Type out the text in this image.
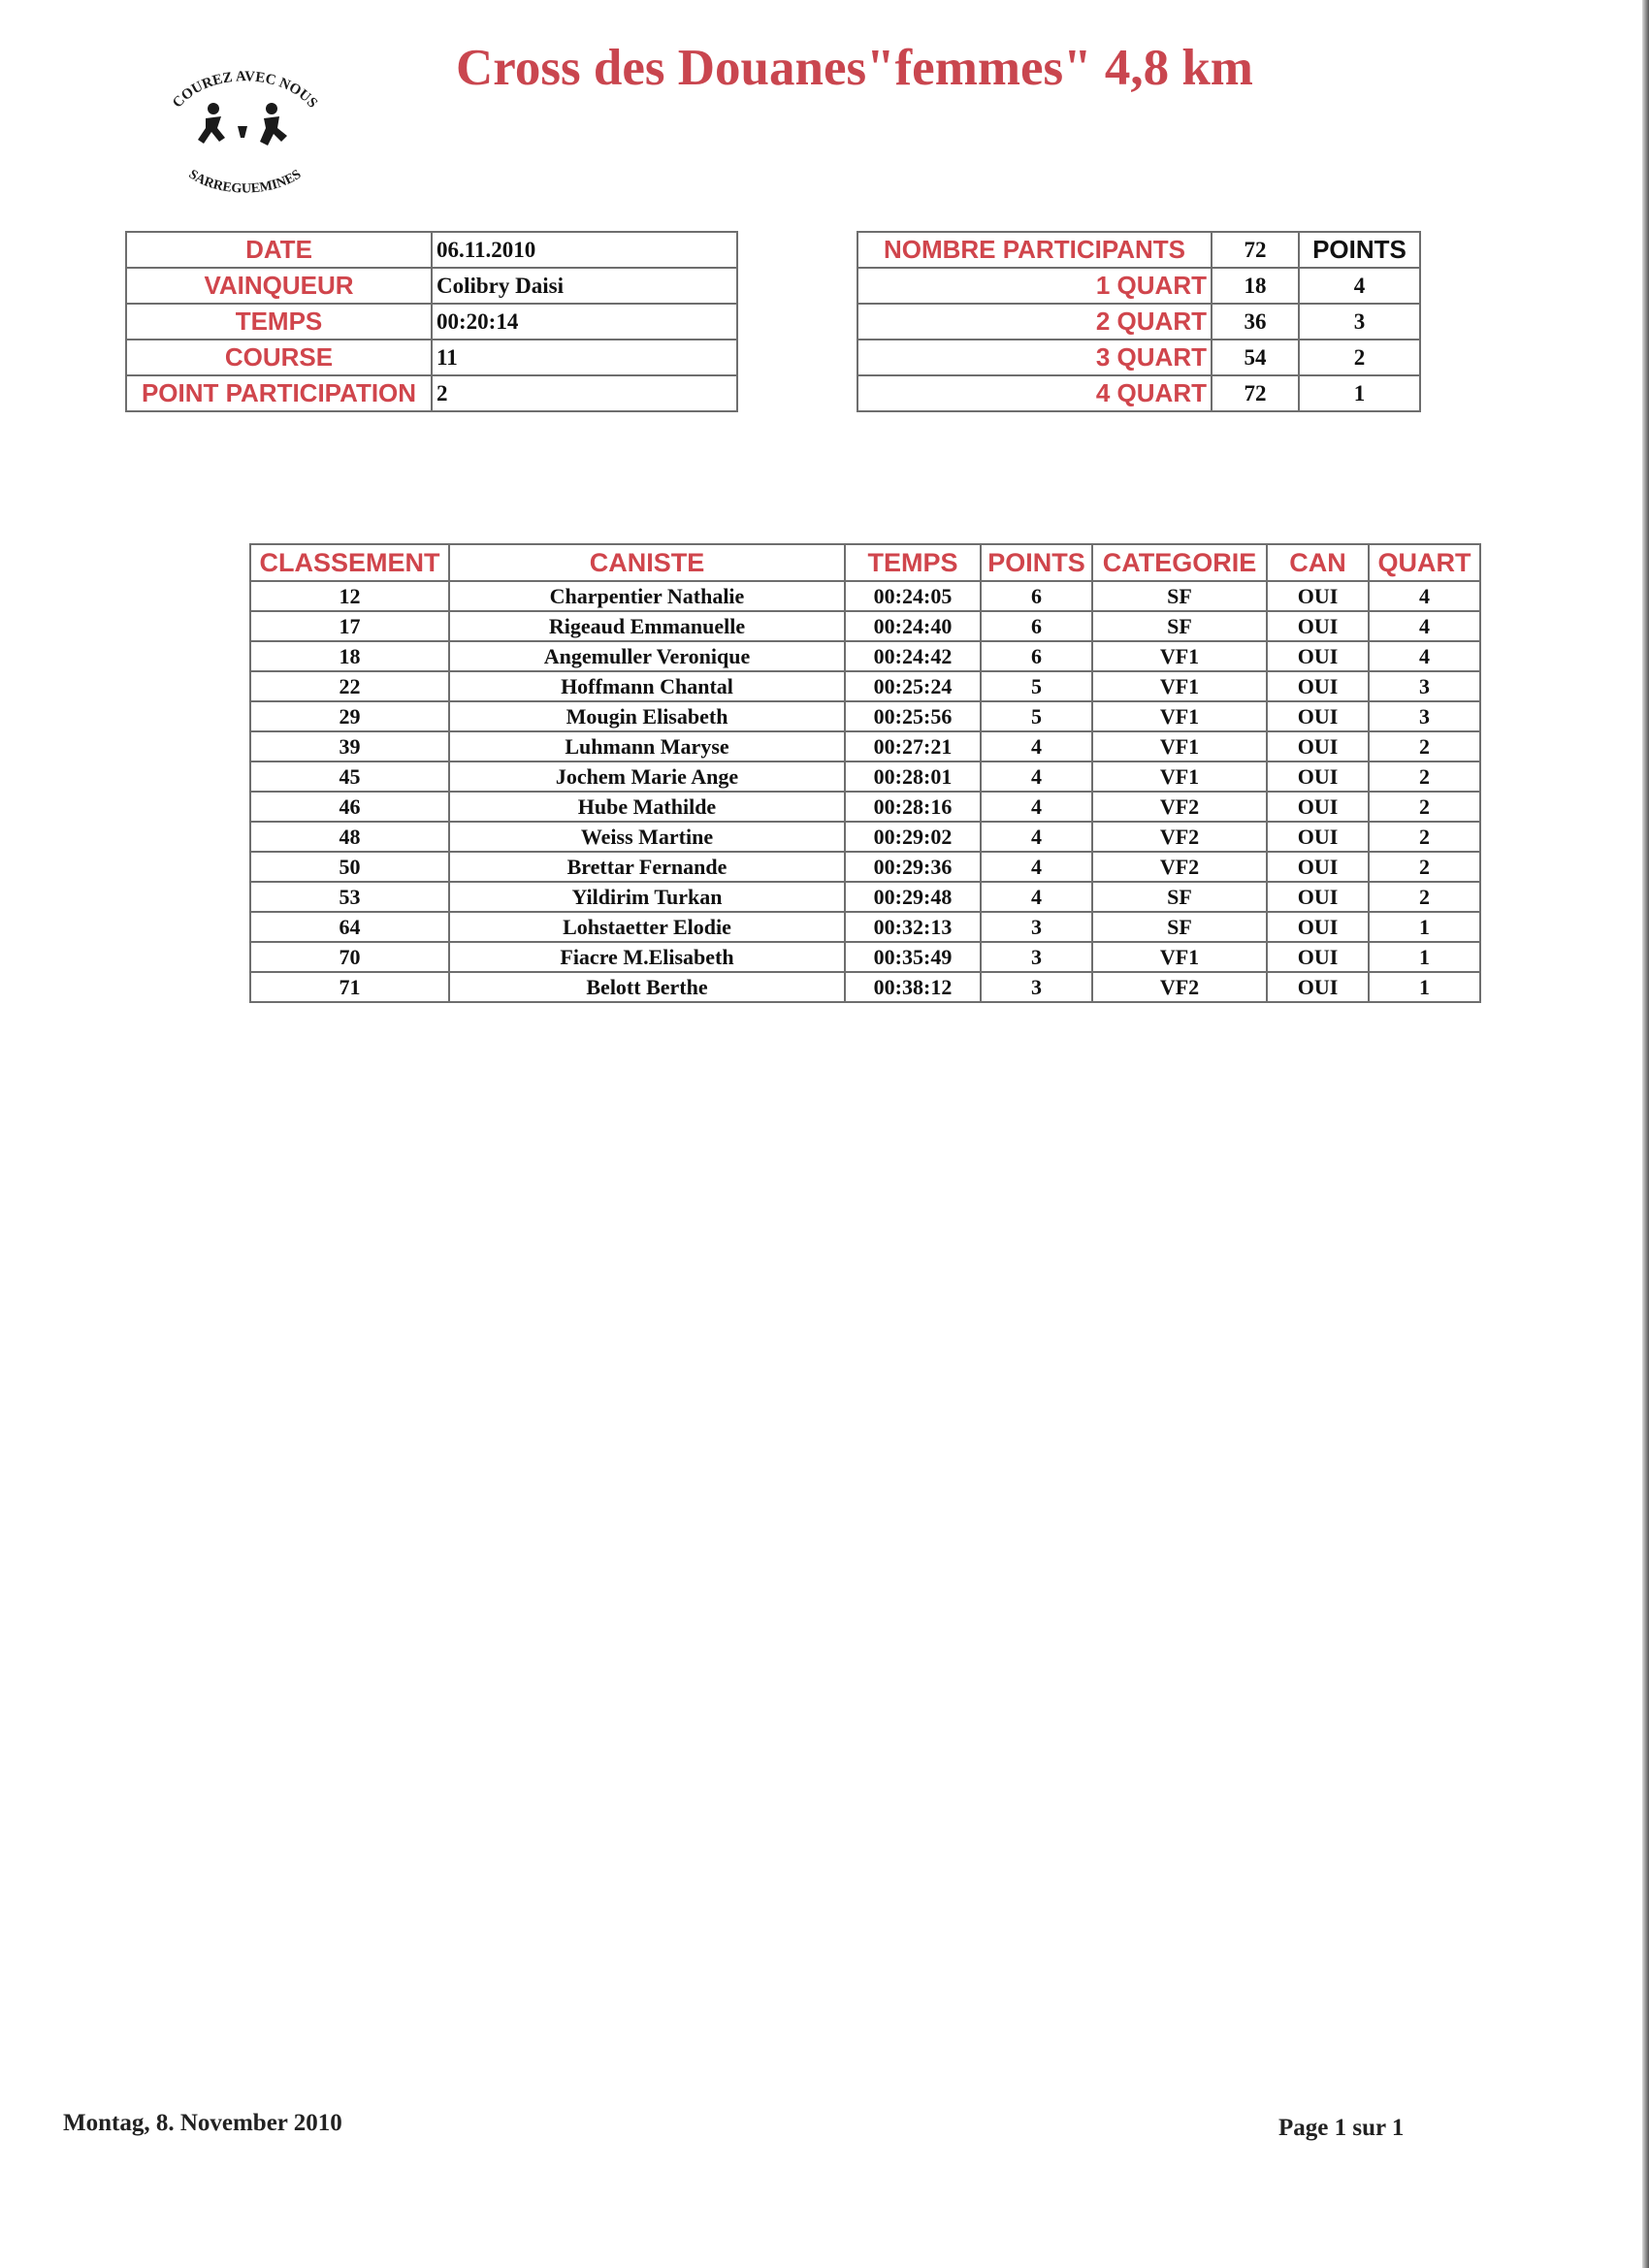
COUREZ AVEC NOUS
SARREGUEMINES
Cross des Douanes"femmes" 4,8 km
DATE	06.11.2010
VAINQUEUR	Colibry Daisi
TEMPS	00:20:14
COURSE	11
POINT PARTICIPATION	2
NOMBRE PARTICIPANTS	72	POINTS
1 QUART	18	4
2 QUART	36	3
3 QUART	54	2
4 QUART	72	1
CLASSEMENT	CANISTE	TEMPS	POINTS	CATEGORIE	CAN	QUART
12	Charpentier Nathalie	00:24:05	6	SF	OUI	4
17	Rigeaud Emmanuelle	00:24:40	6	SF	OUI	4
18	Angemuller Veronique	00:24:42	6	VF1	OUI	4
22	Hoffmann Chantal	00:25:24	5	VF1	OUI	3
29	Mougin Elisabeth	00:25:56	5	VF1	OUI	3
39	Luhmann Maryse	00:27:21	4	VF1	OUI	2
45	Jochem Marie Ange	00:28:01	4	VF1	OUI	2
46	Hube Mathilde	00:28:16	4	VF2	OUI	2
48	Weiss Martine	00:29:02	4	VF2	OUI	2
50	Brettar Fernande	00:29:36	4	VF2	OUI	2
53	Yildirim Turkan	00:29:48	4	SF	OUI	2
64	Lohstaetter Elodie	00:32:13	3	SF	OUI	1
70	Fiacre M.Elisabeth	00:35:49	3	VF1	OUI	1
71	Belott Berthe	00:38:12	3	VF2	OUI	1
Montag, 8. November 2010	Page 1 sur 1
